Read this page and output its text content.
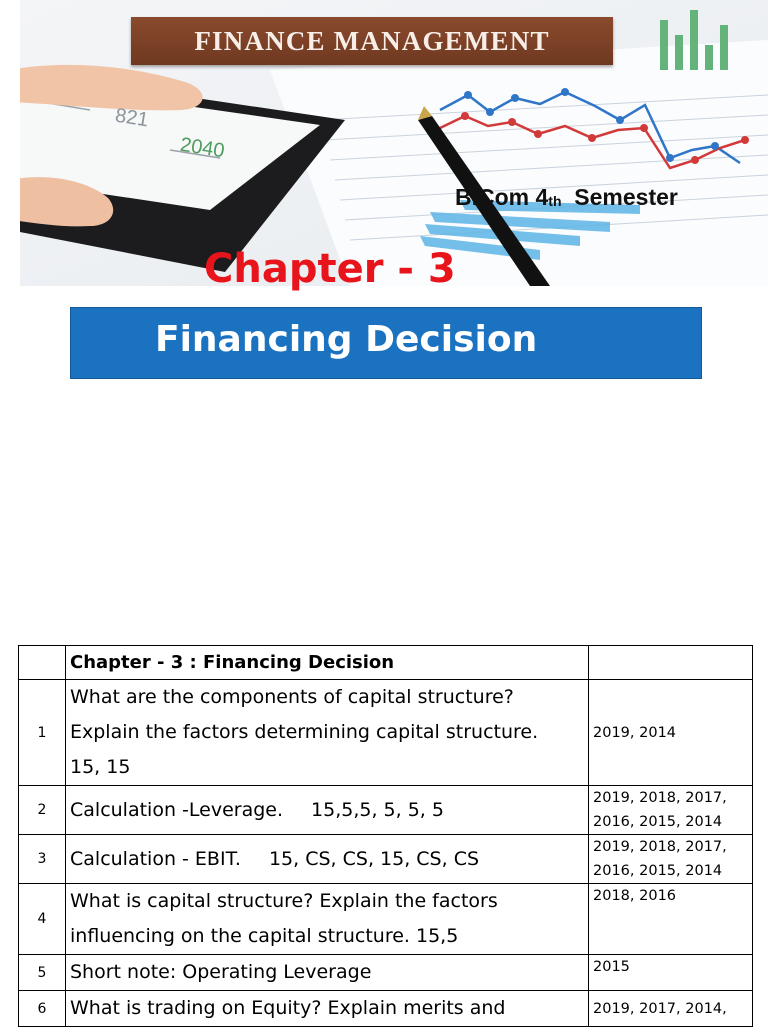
821
2040
FINANCE MANAGEMENT
B.Com $4_{th}$ Semester
Chapter - 3
Financing Decision
	Chapter - 3 : Financing Decision	
1	What are the components of capital structure?
Explain the factors determining capital structure.
15, 15	2019, 2014

2	Calculation -Leverage. 15,5,5, 5, 5, 5	2019, 2018, 2017,
2016, 2015, 2014

3	Calculation - EBIT. 15, CS, CS, 15, CS, CS	2019, 2018, 2017,
2016, 2015, 2014

4	What is capital structure? Explain the factors
influencing on the capital structure. 15,5	2018, 2016

5	Short note: Operating Leverage	2015

6	What is trading on Equity? Explain merits and	2019, 2017, 2014,
